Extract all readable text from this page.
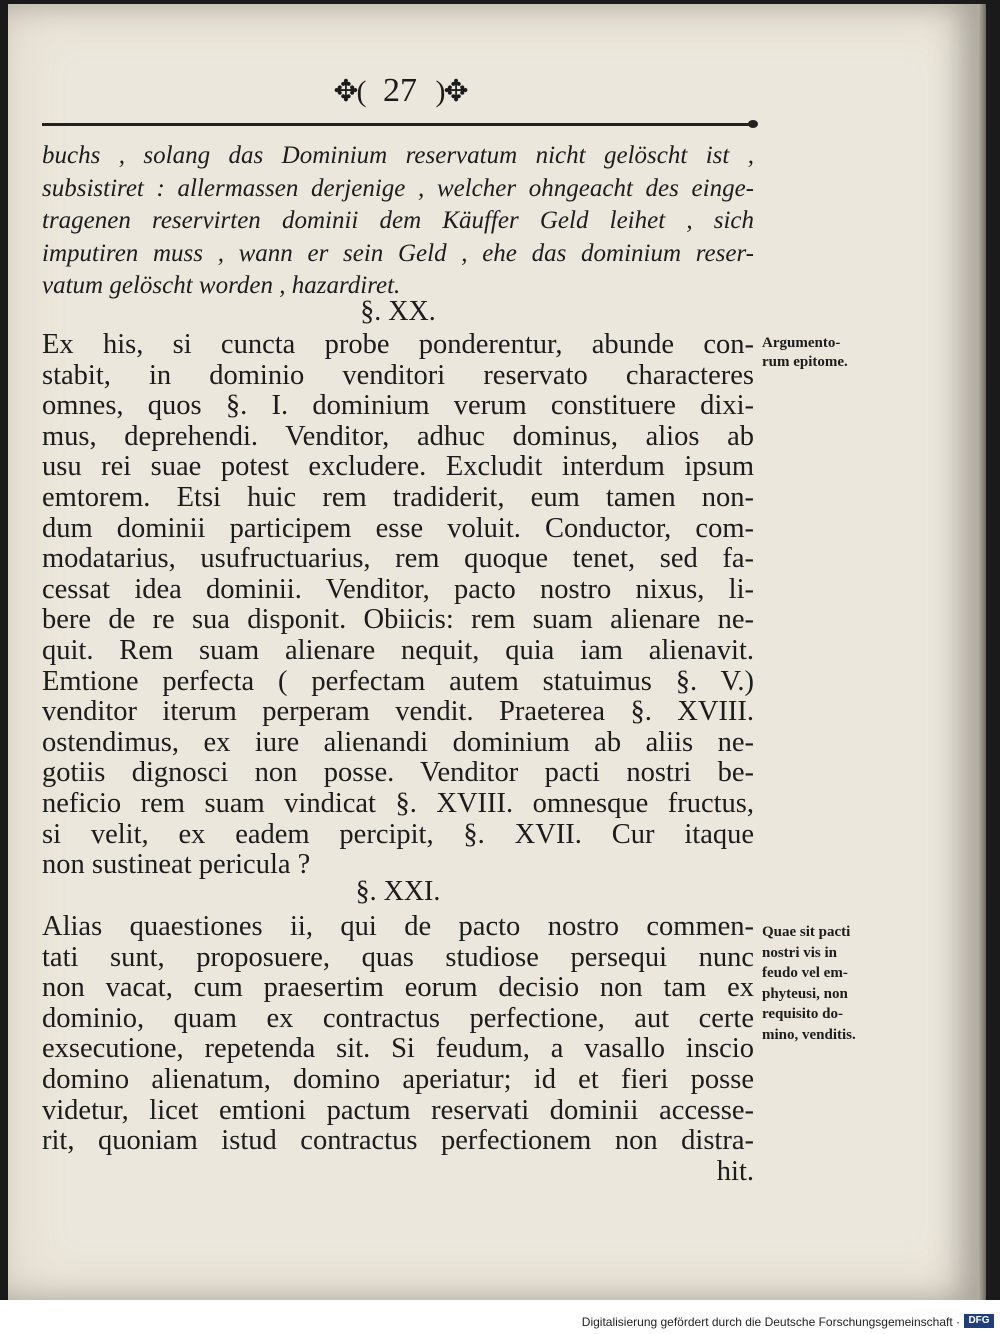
✥( 27 )✥
buchs , solang das Dominium reservatum nicht gelöscht ist ,
subsistiret : allermassen derjenige , welcher ohngeacht des einge-
tragenen reservirten dominii dem Käuffer Geld leihet , sich
imputiren muss , wann er sein Geld , ehe das dominium reser-
vatum gelöscht worden , hazardiret.
§. XX.
Ex his, si cuncta probe ponderentur, abunde con-
stabit, in dominio venditori reservato characteres
omnes, quos §. I. dominium verum constituere dixi-
mus, deprehendi. Venditor, adhuc dominus, alios ab
usu rei suae potest excludere. Excludit interdum ipsum
emtorem. Etsi huic rem tradiderit, eum tamen non-
dum dominii participem esse voluit. Conductor, com-
modatarius, usufructuarius, rem quoque tenet, sed fa-
cessat idea dominii. Venditor, pacto nostro nixus, li-
bere de re sua disponit. Obiicis: rem suam alienare ne-
quit. Rem suam alienare nequit, quia iam alienavit.
Emtione perfecta ( perfectam autem statuimus §. V.)
venditor iterum perperam vendit. Praeterea §. XVIII.
ostendimus, ex iure alienandi dominium ab aliis ne-
gotiis dignosci non posse. Venditor pacti nostri be-
neficio rem suam vindicat §. XVIII. omnesque fructus,
si velit, ex eadem percipit, §. XVII. Cur itaque
non sustineat pericula ?
§. XXI.
Alias quaestiones ii, qui de pacto nostro commen-
tati sunt, proposuere, quas studiose persequi nunc
non vacat, cum praesertim eorum decisio non tam ex
dominio, quam ex contractus perfectione, aut certe
exsecutione, repetenda sit. Si feudum, a vasallo inscio
domino alienatum, domino aperiatur; id et fieri posse
videtur, licet emtioni pactum reservati dominii accesse-
rit, quoniam istud contractus perfectionem non distra-
hit.
Argumento-
rum epitome.
Quae sit pacti
nostri vis in
feudo vel em-
phyteusi, non
requisito do-
mino, venditis.
Digitalisierung gefördert durch die Deutsche Forschungsgemeinschaft · DFG
